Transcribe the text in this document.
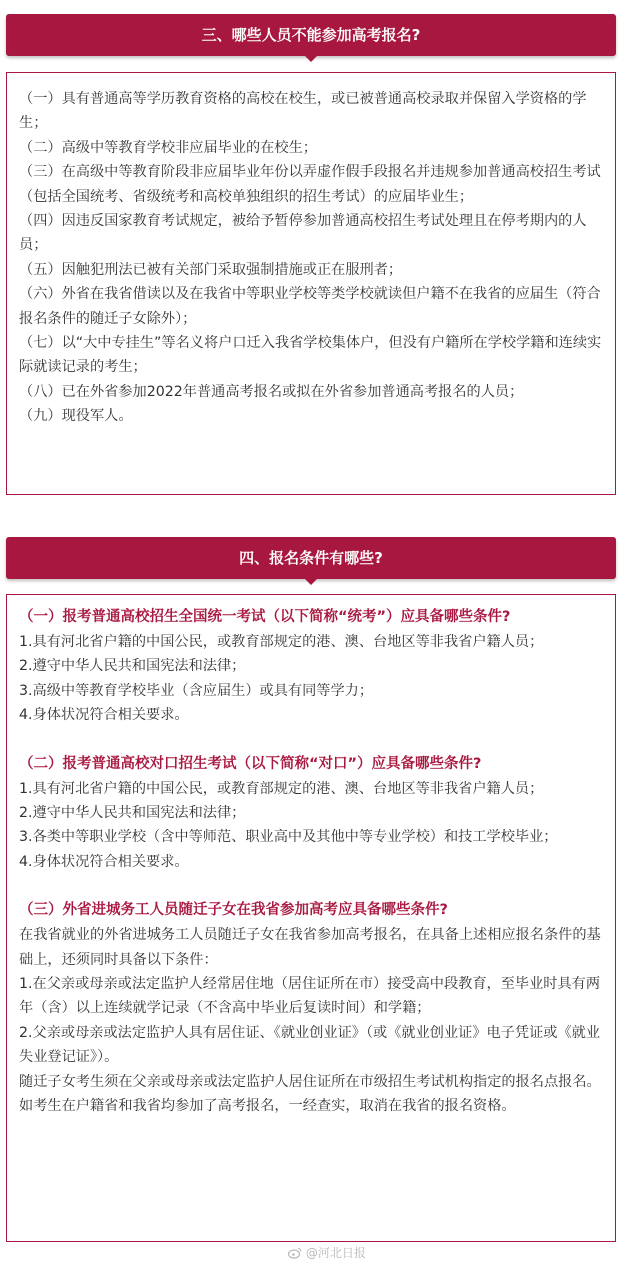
三、哪些人员不能参加高考报名?

（一）具有普通高等学历教育资格的高校在校生，或已被普通高校录取并保留入学资格的学生；

（二）高级中等教育学校非应届毕业的在校生；

（三）在高级中等教育阶段非应届毕业年份以弄虚作假手段报名并违规参加普通高校招生考试（包括全国统考、省级统考和高校单独组织的招生考试）的应届毕业生；

（四）因违反国家教育考试规定，被给予暂停参加普通高校招生考试处理且在停考期内的人员；

（五）因触犯刑法已被有关部门采取强制措施或正在服刑者；

（六）外省在我省借读以及在我省中等职业学校等类学校就读但户籍不在我省的应届生（符合报名条件的随迁子女除外）；

（七）以“大中专挂生”等名义将户口迁入我省学校集体户，但没有户籍所在学校学籍和连续实际就读记录的考生；

（八）已在外省参加2022年普通高考报名或拟在外省参加普通高考报名的人员；

（九）现役军人。

四、报名条件有哪些?

（一）报考普通高校招生全国统一考试（以下简称“统考”）应具备哪些条件?

1.具有河北省户籍的中国公民，或教育部规定的港、澳、台地区等非我省户籍人员；

2.遵守中华人民共和国宪法和法律；

3.高级中等教育学校毕业（含应届生）或具有同等学力；

4.身体状况符合相关要求。

（二）报考普通高校对口招生考试（以下简称“对口”）应具备哪些条件?

1.具有河北省户籍的中国公民，或教育部规定的港、澳、台地区等非我省户籍人员；

2.遵守中华人民共和国宪法和法律；

3.各类中等职业学校（含中等师范、职业高中及其他中等专业学校）和技工学校毕业；

4.身体状况符合相关要求。

（三）外省进城务工人员随迁子女在我省参加高考应具备哪些条件?

在我省就业的外省进城务工人员随迁子女在我省参加高考报名，在具备上述相应报名条件的基础上，还须同时具备以下条件：

1.在父亲或母亲或法定监护人经常居住地（居住证所在市）接受高中段教育，至毕业时具有两年（含）以上连续就学记录（不含高中毕业后复读时间）和学籍；

2.父亲或母亲或法定监护人具有居住证、《就业创业证》（或《就业创业证》电子凭证或《就业失业登记证》）。

随迁子女考生须在父亲或母亲或法定监护人居住证所在市级招生考试机构指定的报名点报名。如考生在户籍省和我省均参加了高考报名，一经查实，取消在我省的报名资格。

@河北日报
